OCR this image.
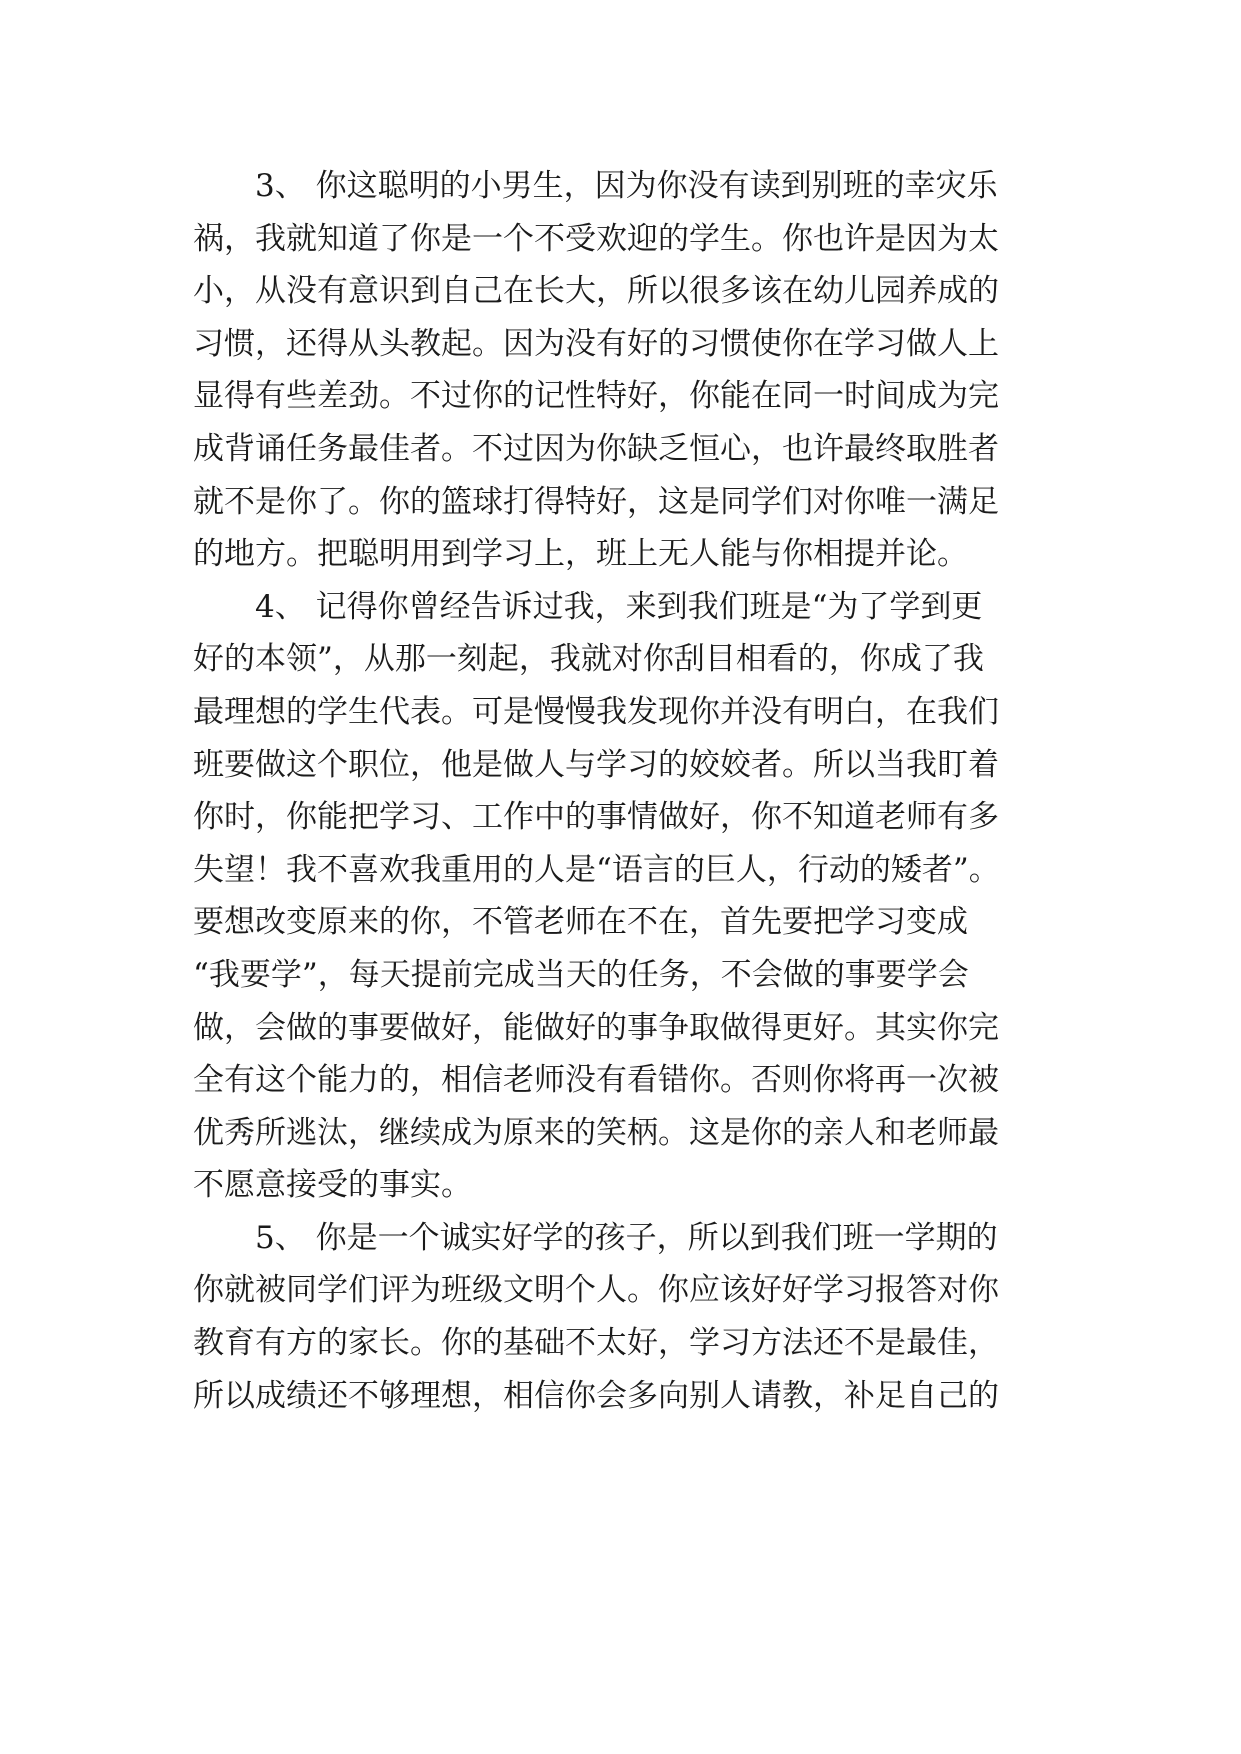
3、 你这聪明的小男生，因为你没有读到别班的幸灾乐
祸，我就知道了你是一个不受欢迎的学生。你也许是因为太
小，从没有意识到自己在长大，所以很多该在幼儿园养成的
习惯，还得从头教起。因为没有好的习惯使你在学习做人上
显得有些差劲。不过你的记性特好，你能在同一时间成为完
成背诵任务最佳者。不过因为你缺乏恒心，也许最终取胜者
就不是你了。你的篮球打得特好，这是同学们对你唯一满足
的地方。把聪明用到学习上，班上无人能与你相提并论。
4、 记得你曾经告诉过我，来到我们班是“为了学到更
好的本领”，从那一刻起，我就对你刮目相看的，你成了我
最理想的学生代表。可是慢慢我发现你并没有明白，在我们
班要做这个职位，他是做人与学习的姣姣者。所以当我盯着
你时，你能把学习、工作中的事情做好，你不知道老师有多
失望！我不喜欢我重用的人是“语言的巨人，行动的矮者”。
要想改变原来的你，不管老师在不在，首先要把学习变成
“我要学”，每天提前完成当天的任务，不会做的事要学会
做，会做的事要做好，能做好的事争取做得更好。其实你完
全有这个能力的，相信老师没有看错你。否则你将再一次被
优秀所逃汰，继续成为原来的笑柄。这是你的亲人和老师最
不愿意接受的事实。
5、 你是一个诚实好学的孩子，所以到我们班一学期的
你就被同学们评为班级文明个人。你应该好好学习报答对你
教育有方的家长。你的基础不太好，学习方法还不是最佳，
所以成绩还不够理想，相信你会多向别人请教，补足自己的
